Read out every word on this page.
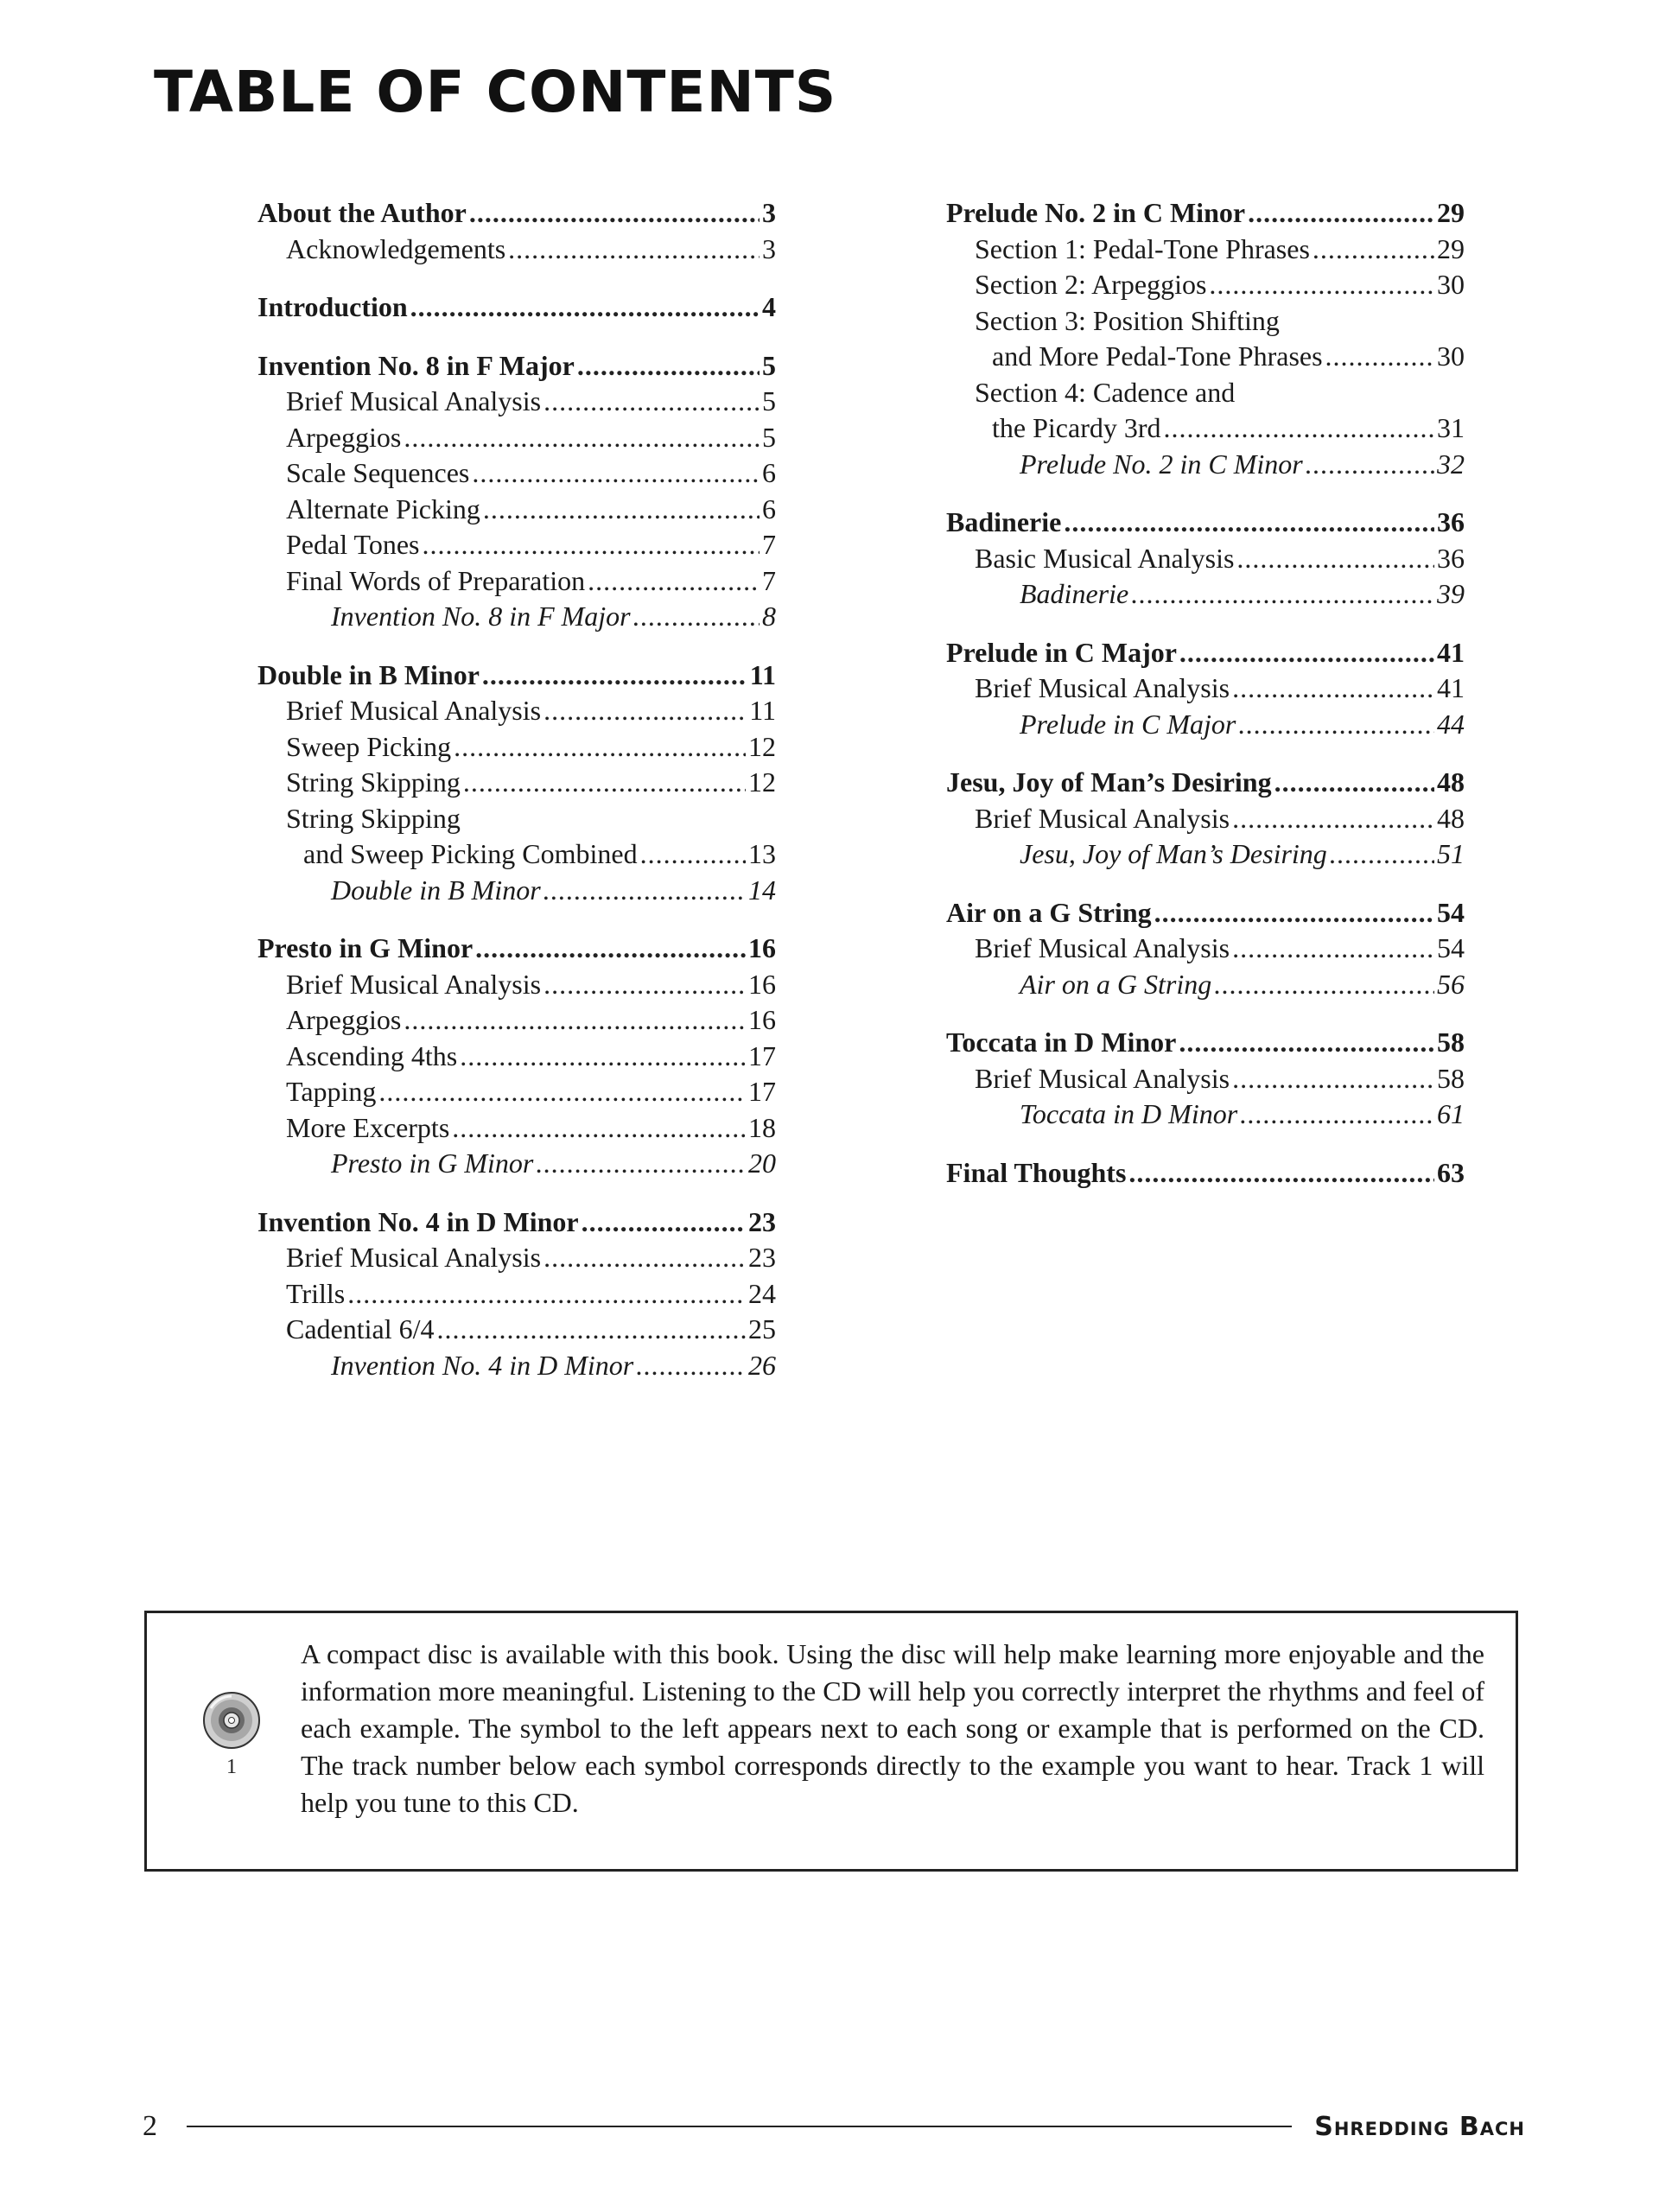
TABLE OF CONTENTS
About the Author .....	3
Acknowledgements .....	3
Introduction .....	4
Invention No. 8 in F Major .....	5
Brief Musical Analysis .....	5
Arpeggios .....	5
Scale Sequences .....	6
Alternate Picking .....	6
Pedal Tones .....	7
Final Words of Preparation .....	7
Invention No. 8 in F Major .....	8
Double in B Minor .....	11
Brief Musical Analysis .....	11
Sweep Picking .....	12
String Skipping .....	12
String Skipping
and Sweep Picking Combined .....	13
Double in B Minor .....	14
Presto in G Minor .....	16
Brief Musical Analysis .....	16
Arpeggios .....	16
Ascending 4ths .....	17
Tapping .....	17
More Excerpts .....	18
Presto in G Minor .....	20
Invention No. 4 in D Minor .....	23
Brief Musical Analysis .....	23
Trills .....	24
Cadential 6/4 .....	25
Invention No. 4 in D Minor .....	26
Prelude No. 2 in C Minor .....	29
Section 1: Pedal-Tone Phrases .....	29
Section 2: Arpeggios .....	30
Section 3: Position Shifting
and More Pedal-Tone Phrases .....	30
Section 4: Cadence and
the Picardy 3rd .....	31
Prelude No. 2 in C Minor .....	32
Badinerie .....	36
Basic Musical Analysis .....	36
Badinerie .....	39
Prelude in C Major .....	41
Brief Musical Analysis .....	41
Prelude in C Major .....	44
Jesu, Joy of Man’s Desiring .....	48
Brief Musical Analysis .....	48
Jesu, Joy of Man’s Desiring .....	51
Air on a G String .....	54
Brief Musical Analysis .....	54
Air on a G String .....	56
Toccata in D Minor .....	58
Brief Musical Analysis .....	58
Toccata in D Minor .....	61
Final Thoughts .....	63
1

A compact disc is available with this book. Using the disc will help make learning more enjoyable and the information more meaningful. Listening to the CD will help you correctly interpret the rhythms and feel of each example. The symbol to the left appears next to each song or example that is performed on the CD. The track number below each symbol corresponds directly to the example you want to hear. Track 1 will help you tune to this CD.

2	Shredding Bach
